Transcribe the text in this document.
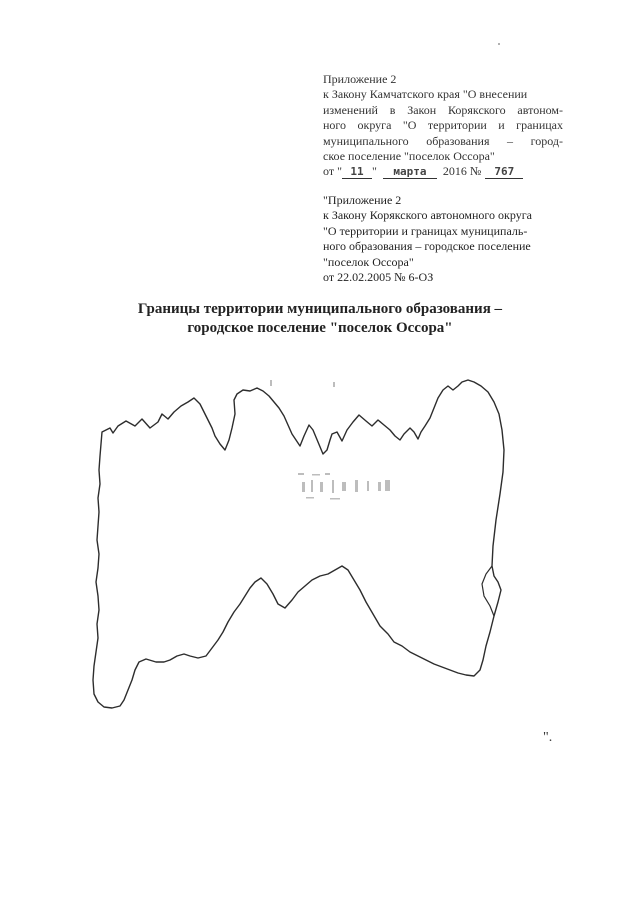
Приложение 2
к Закону Камчатского края "О внесении
изменений в Закон Корякского автоном-
ного округа "О территории и границах
муниципального образования – город-
ское поселение "поселок Оссора"
от " 11 "	марта	2016 №	767
"Приложение 2
к Закону Корякского автономного округа
"О территории и границах муниципаль-
ного образования – городское поселение
"поселок Оссора"
от 22.02.2005 № 6-ОЗ
Границы территории муниципального образования –
городское поселение "поселок Оссора"
".
